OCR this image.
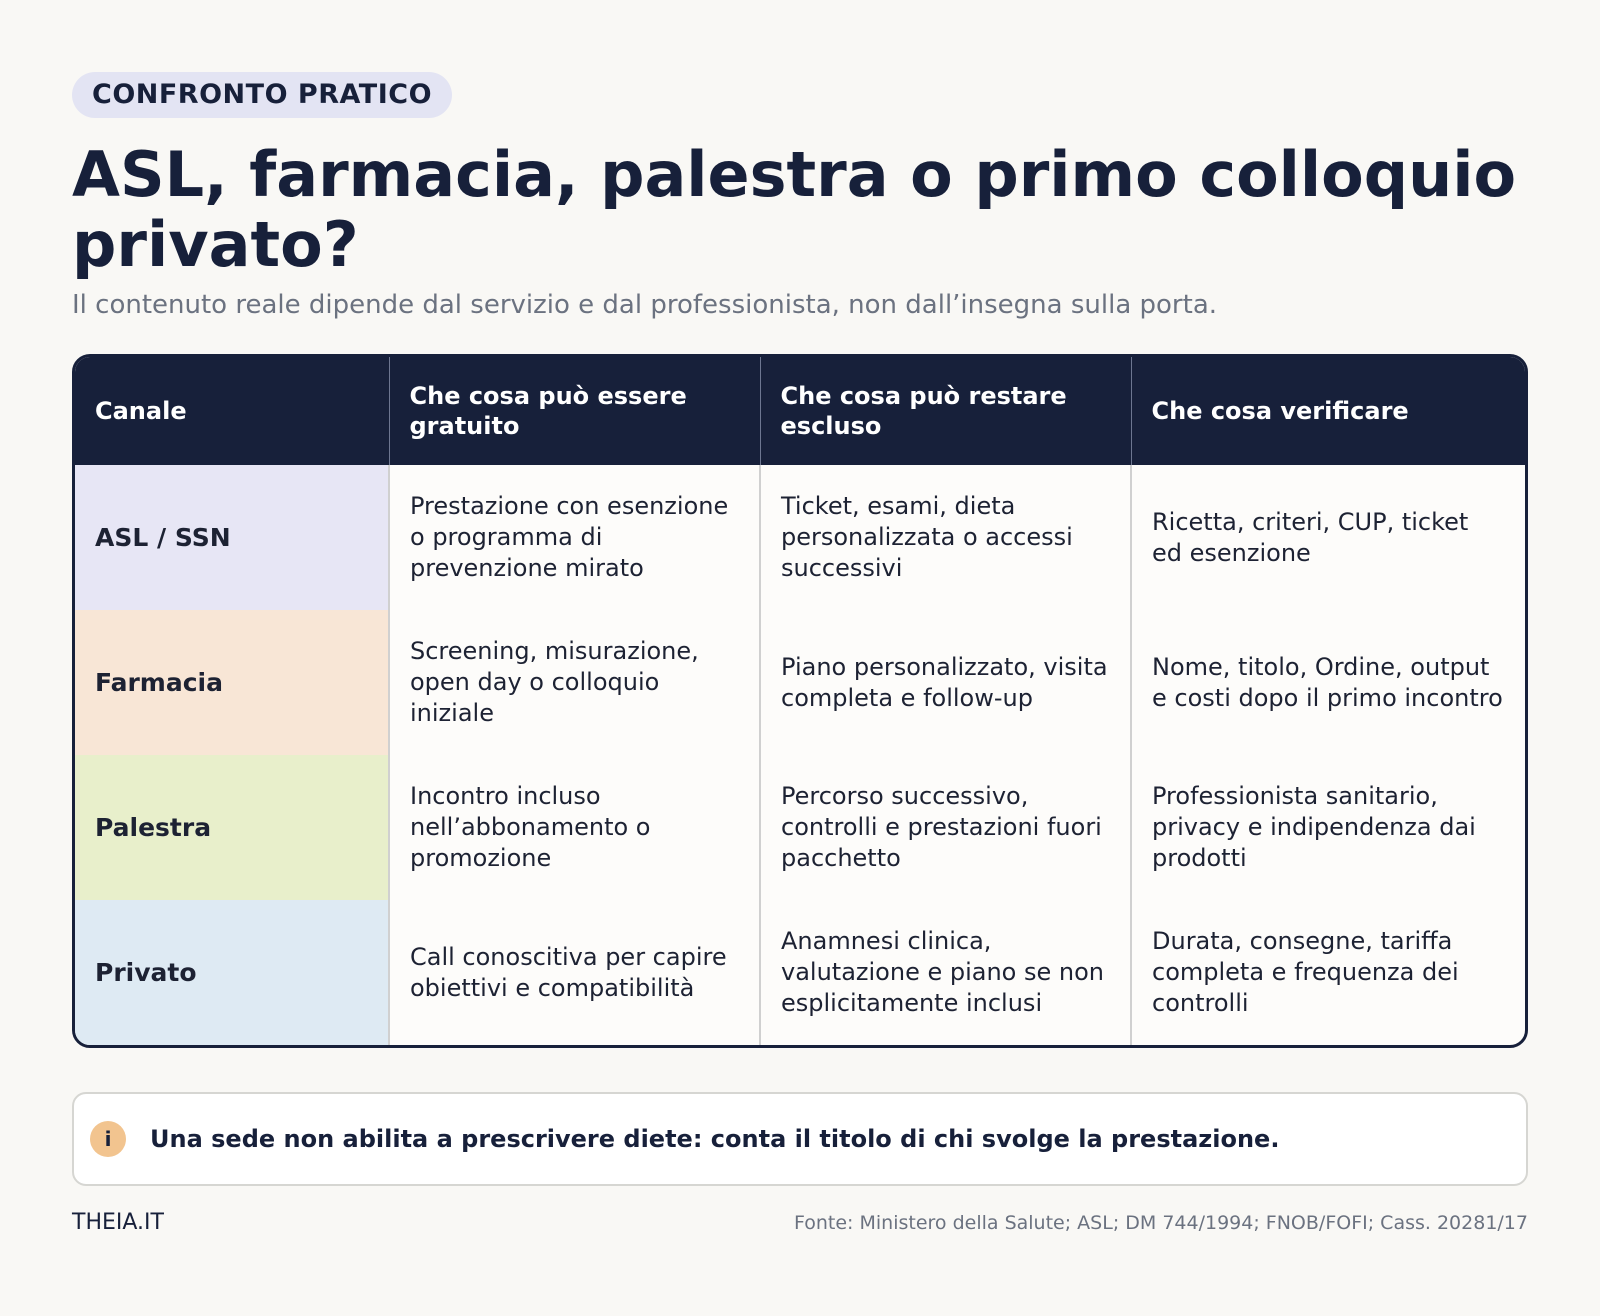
CONFRONTO PRATICO
ASL, farmacia, palestra o primo colloquio privato?
Il contenuto reale dipende dal servizio e dal professionista, non dall’insegna sulla porta.
Canale	Che cosa può essere gratuito	Che cosa può restare escluso	Che cosa verificare
ASL / SSN	Prestazione con esenzione o programma di prevenzione mirato	Ticket, esami, dieta personalizzata o accessi successivi	Ricetta, criteri, CUP, ticket ed esenzione
Farmacia	Screening, misurazione, open day o colloquio iniziale	Piano personalizzato, visita completa e follow-up	Nome, titolo, Ordine, output e costi dopo il primo incontro
Palestra	Incontro incluso nell’abbonamento o promozione	Percorso successivo, controlli e prestazioni fuori pacchetto	Professionista sanitario, privacy e indipendenza dai prodotti
Privato	Call conoscitiva per capire obiettivi e compatibilità	Anamnesi clinica, valutazione e piano se non esplicitamente inclusi	Durata, consegne, tariffa completa e frequenza dei controlli
i	Una sede non abilita a prescrivere diete: conta il titolo di chi svolge la prestazione.
THEIA.IT	Fonte: Ministero della Salute; ASL; DM 744/1994; FNOB/FOFI; Cass. 20281/17
